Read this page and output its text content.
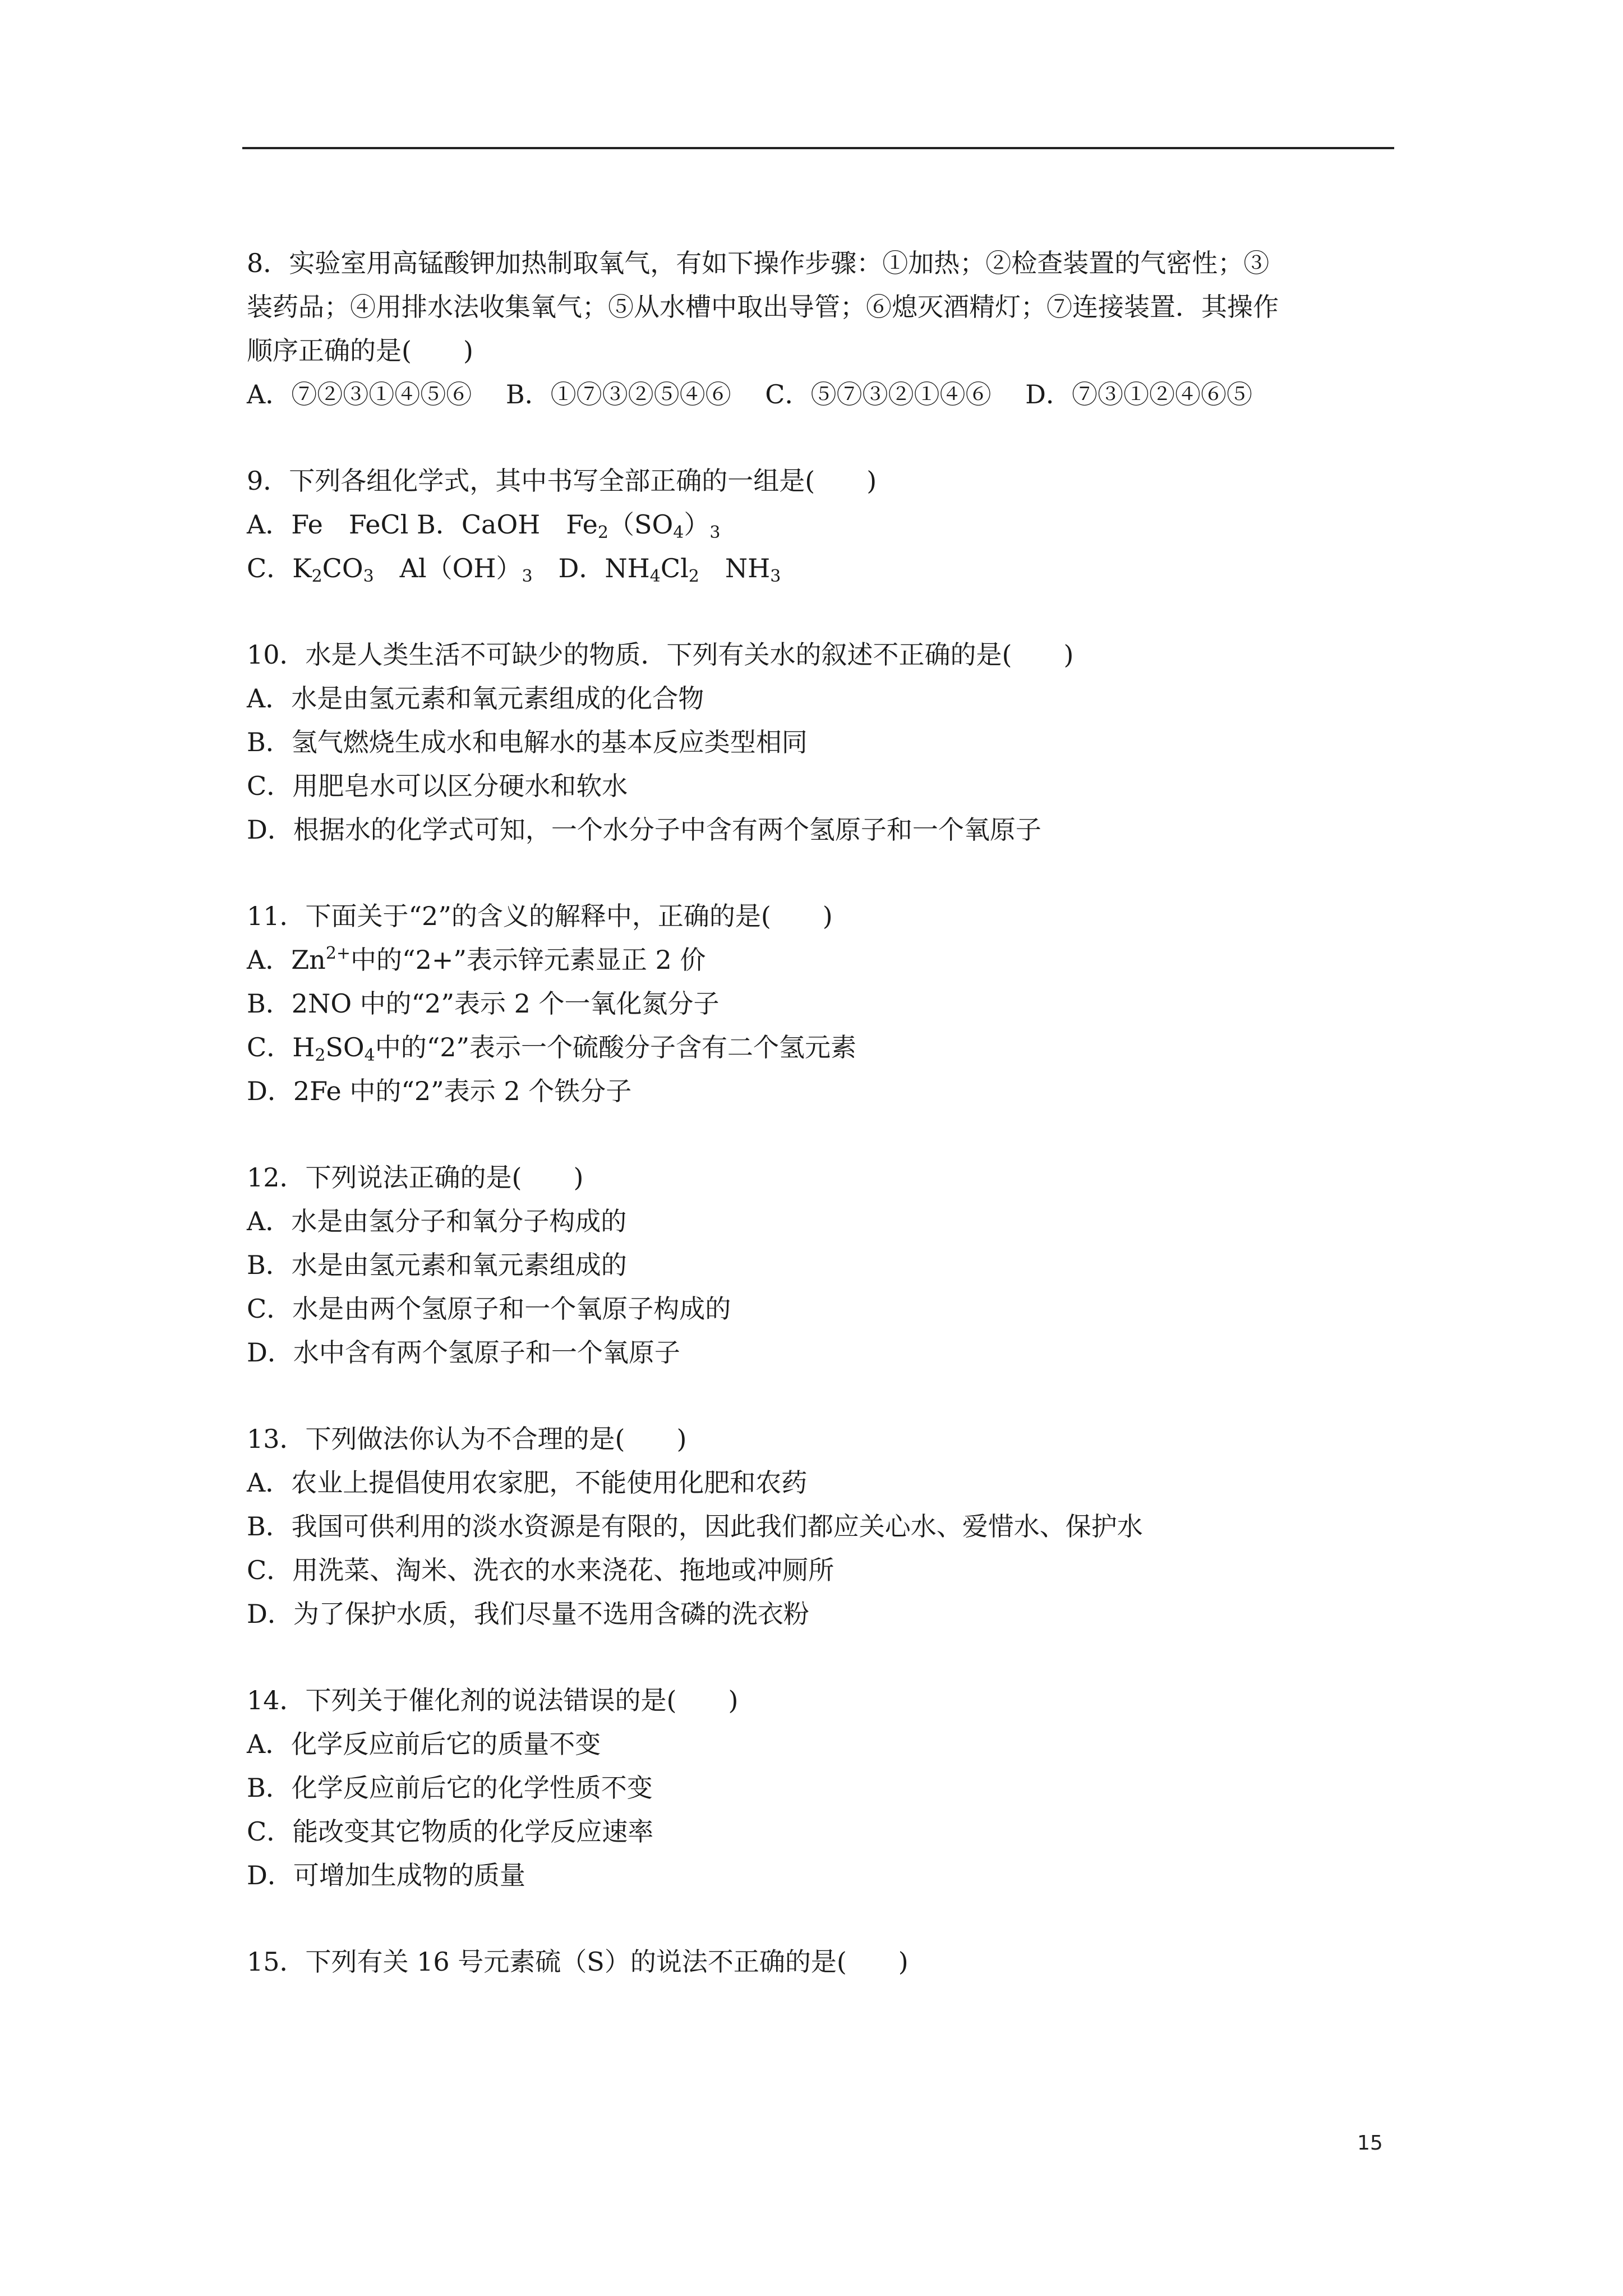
8．实验室用高锰酸钾加热制取氧气，有如下操作步骤：①加热；②检查装置的气密性；③
装药品；④用排水法收集氧气；⑤从水槽中取出导管；⑥熄灭酒精灯；⑦连接装置．其操作
顺序正确的是(　　)
A．⑦②③①④⑤⑥　 B．①⑦③②⑤④⑥　 C．⑤⑦③②①④⑥　 D．⑦③①②④⑥⑤
9．下列各组化学式，其中书写全部正确的一组是(　　)
A．Fe　FeCl B．CaOH　$Fe_2(SO_4)_3$
C．$K_2CO_3$　$Al(OH)_3$　 D．$NH_4Cl_2$　$NH_3$
10．水是人类生活不可缺少的物质．下列有关水的叙述不正确的是(　　)
A．水是由氢元素和氧元素组成的化合物
B．氢气燃烧生成水和电解水的基本反应类型相同
C．用肥皂水可以区分硬水和软水
D．根据水的化学式可知，一个水分子中含有两个氢原子和一个氧原子
11．下面关于“2”的含义的解释中，正确的是(　　)
A．$Zn^{2+}$中的“2+”表示锌元素显正 2 价
B．2NO 中的“2”表示 2 个一氧化氮分子
C．$H_2SO_4$中的“2”表示一个硫酸分子含有二个氢元素
D．2Fe 中的“2”表示 2 个铁分子
12．下列说法正确的是(　　)
A．水是由氢分子和氧分子构成的
B．水是由氢元素和氧元素组成的
C．水是由两个氢原子和一个氧原子构成的
D．水中含有两个氢原子和一个氧原子
13．下列做法你认为不合理的是(　　)
A．农业上提倡使用农家肥，不能使用化肥和农药
B．我国可供利用的淡水资源是有限的，因此我们都应关心水、爱惜水、保护水
C．用洗菜、淘米、洗衣的水来浇花、拖地或冲厕所
D．为了保护水质，我们尽量不选用含磷的洗衣粉
14．下列关于催化剂的说法错误的是(　　)
A．化学反应前后它的质量不变
B．化学反应前后它的化学性质不变
C．能改变其它物质的化学反应速率
D．可增加生成物的质量
15．下列有关 16 号元素硫（S）的说法不正确的是(　　)
15
